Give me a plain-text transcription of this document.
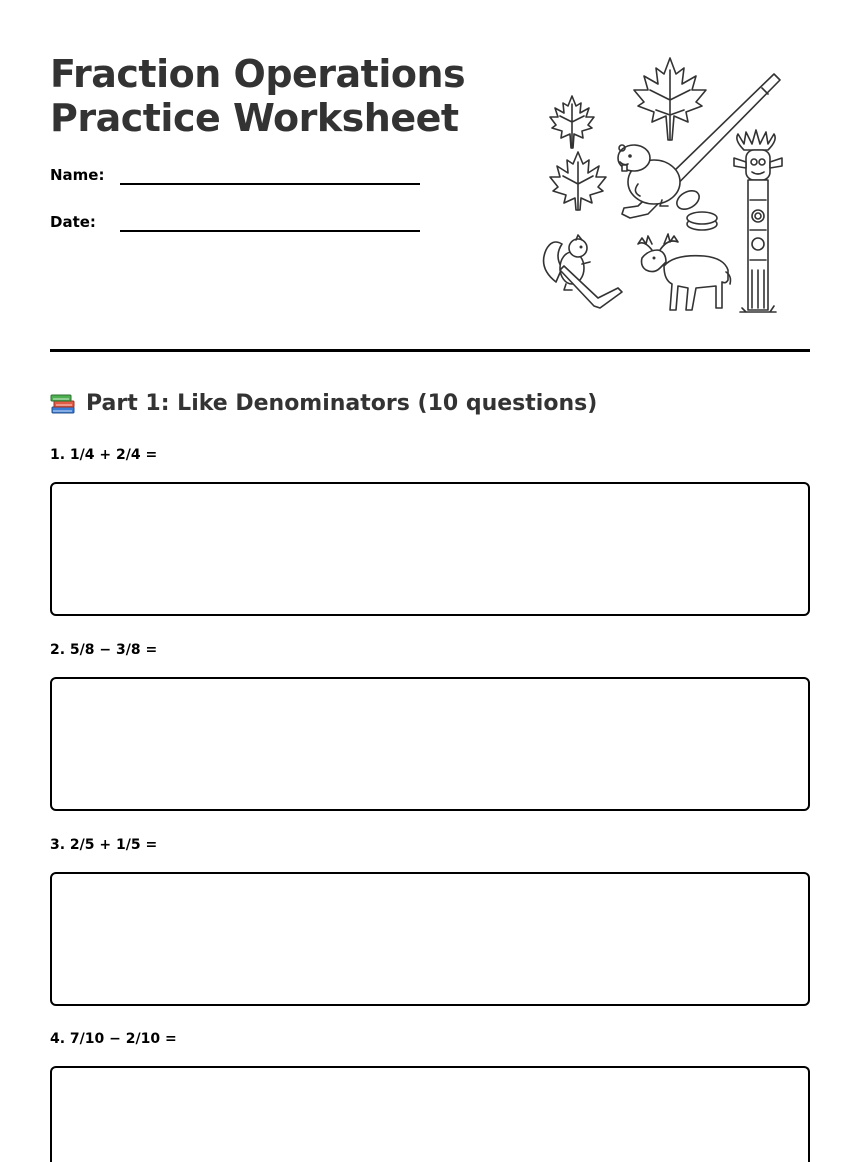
Fraction Operations
Practice Worksheet
Name:
Date:
Part 1: Like Denominators (10 questions)

1. 1/4 + 2/4 =

2. 5/8 − 3/8 =

3. 2/5 + 1/5 =

4. 7/10 − 2/10 =
